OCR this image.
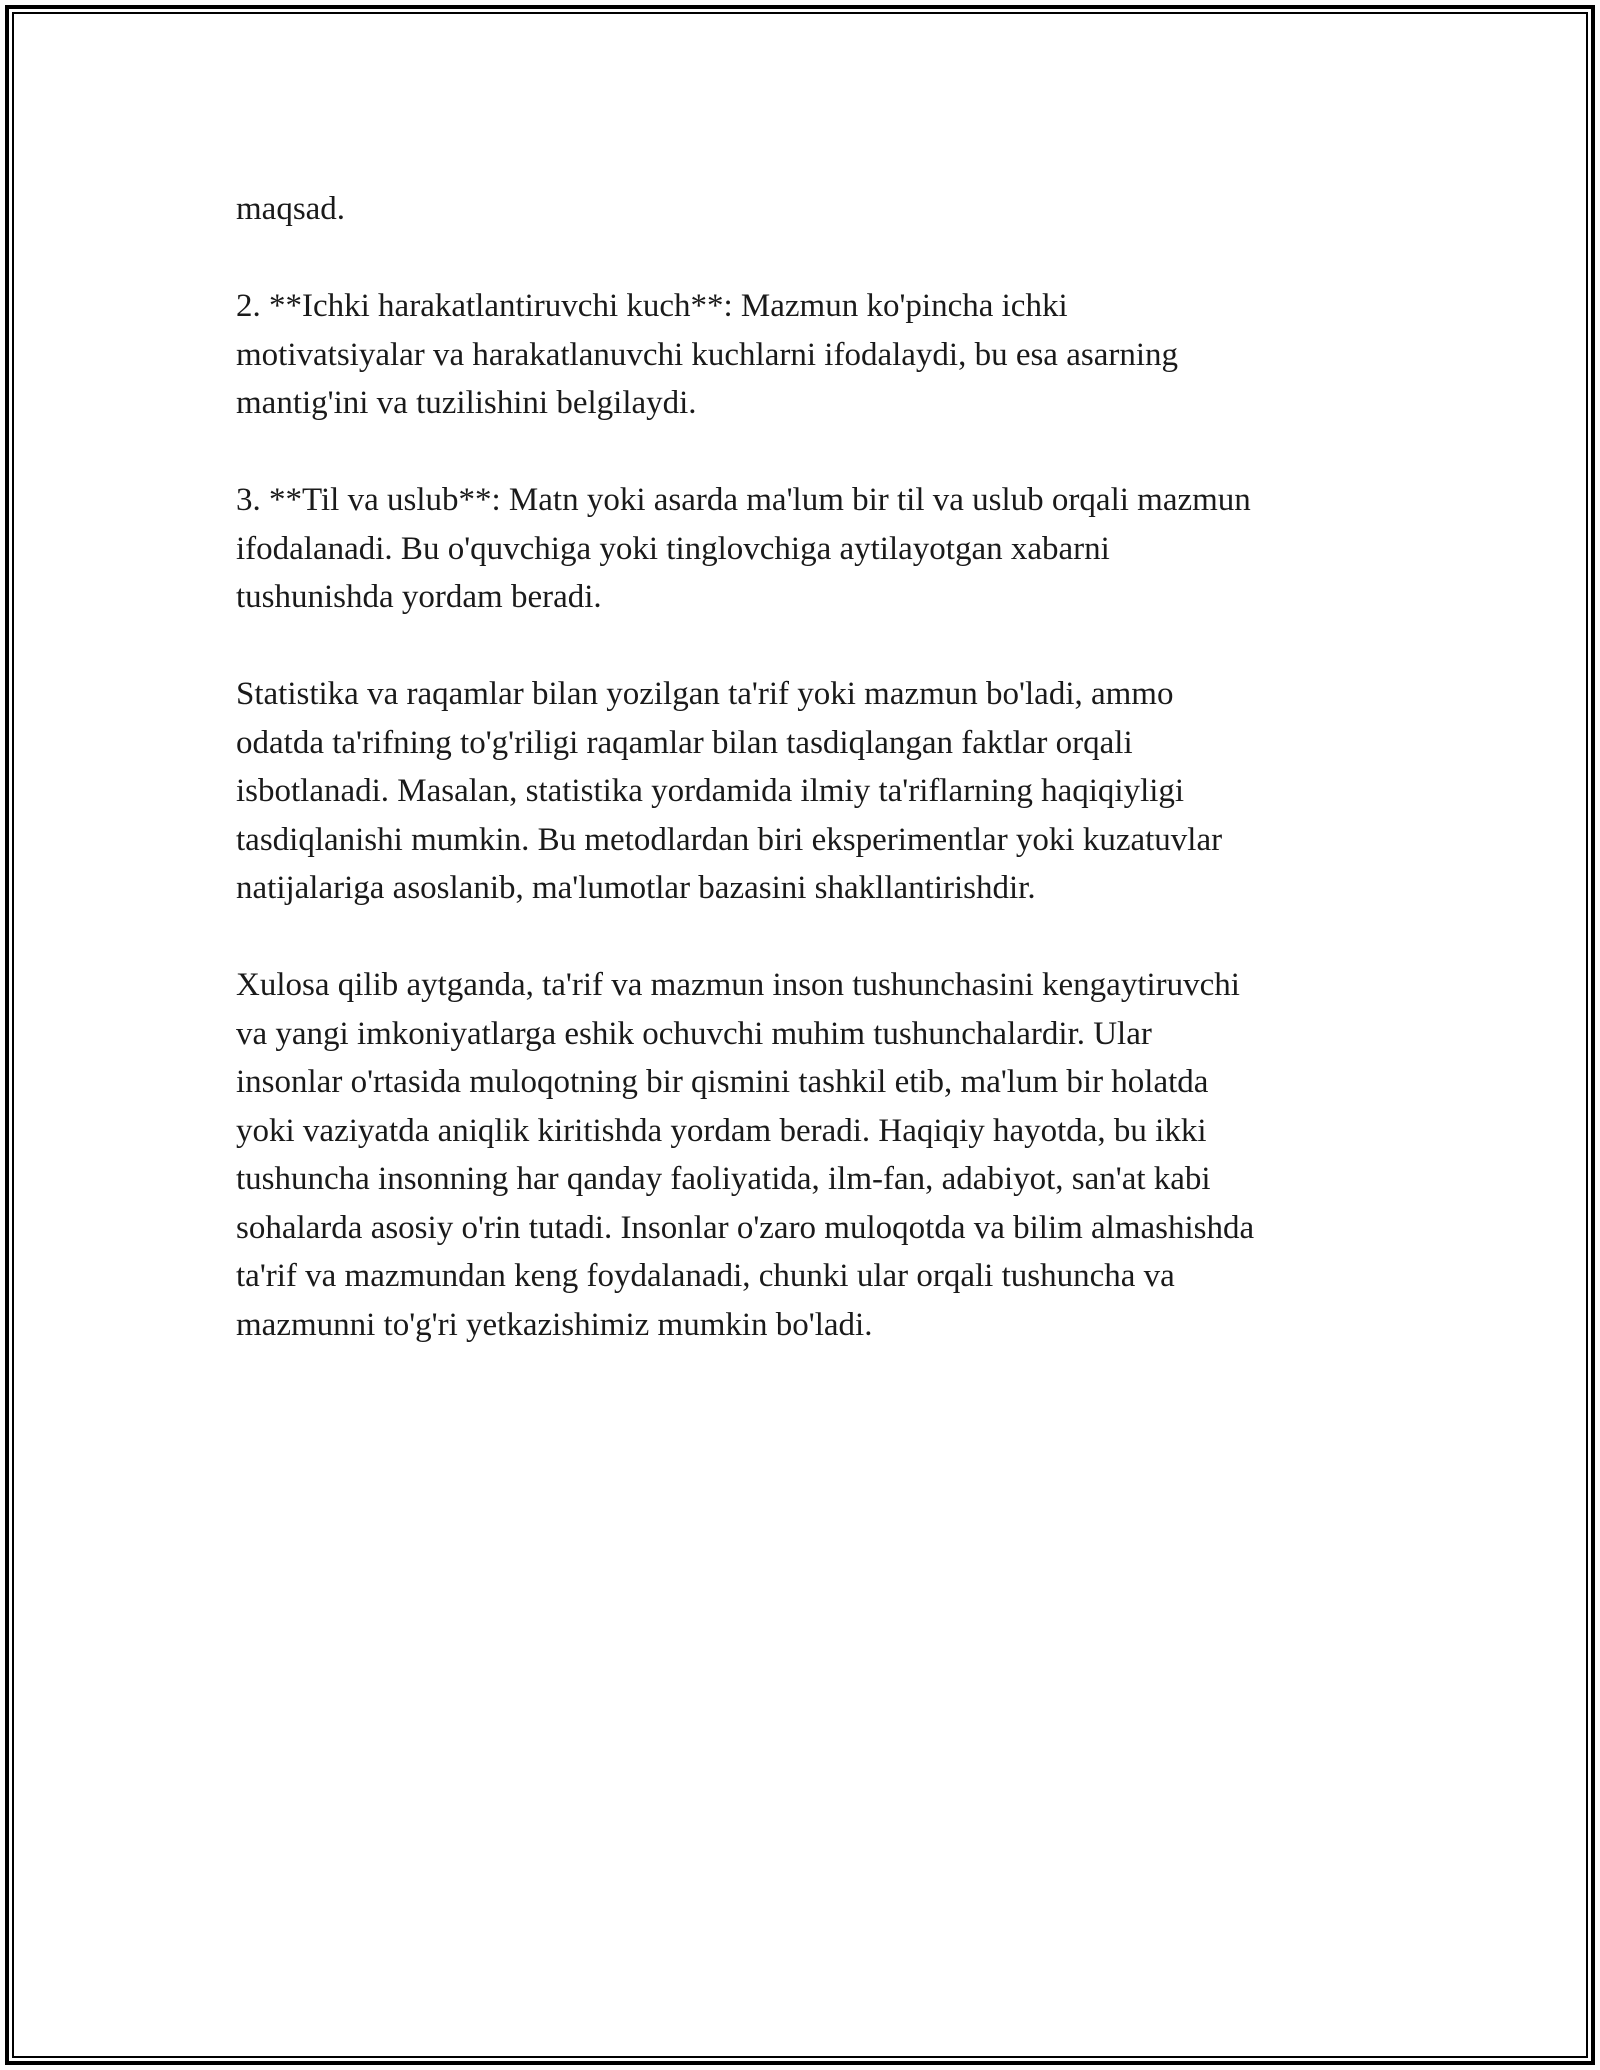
maqsad.

2. **Ichki harakatlantiruvchi kuch**: Mazmun ko'pincha ichki
motivatsiyalar va harakatlanuvchi kuchlarni ifodalaydi, bu esa asarning
mantig'ini va tuzilishini belgilaydi.

3. **Til va uslub**: Matn yoki asarda ma'lum bir til va uslub orqali mazmun
ifodalanadi. Bu o'quvchiga yoki tinglovchiga aytilayotgan xabarni
tushunishda yordam beradi.

Statistika va raqamlar bilan yozilgan ta'rif yoki mazmun bo'ladi, ammo
odatda ta'rifning to'g'riligi raqamlar bilan tasdiqlangan faktlar orqali
isbotlanadi. Masalan, statistika yordamida ilmiy ta'riflarning haqiqiyligi
tasdiqlanishi mumkin. Bu metodlardan biri eksperimentlar yoki kuzatuvlar
natijalariga asoslanib, ma'lumotlar bazasini shakllantirishdir.

Xulosa qilib aytganda, ta'rif va mazmun inson tushunchasini kengaytiruvchi
va yangi imkoniyatlarga eshik ochuvchi muhim tushunchalardir. Ular
insonlar o'rtasida muloqotning bir qismini tashkil etib, ma'lum bir holatda
yoki vaziyatda aniqlik kiritishda yordam beradi. Haqiqiy hayotda, bu ikki
tushuncha insonning har qanday faoliyatida, ilm-fan, adabiyot, san'at kabi
sohalarda asosiy o'rin tutadi. Insonlar o'zaro muloqotda va bilim almashishda
ta'rif va mazmundan keng foydalanadi, chunki ular orqali tushuncha va
mazmunni to'g'ri yetkazishimiz mumkin bo'ladi.
